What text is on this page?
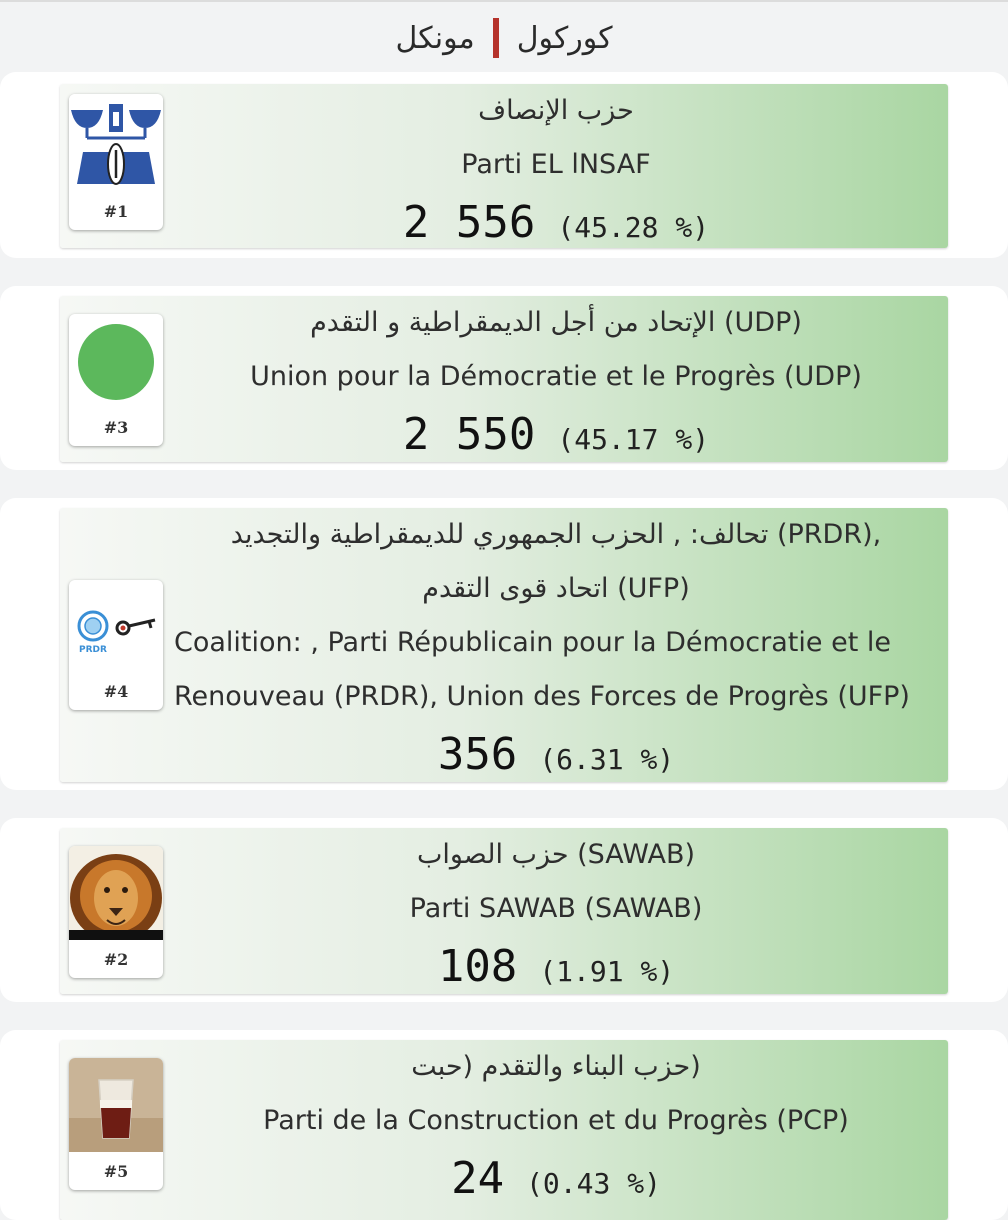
كوركول
مونكل
#1
حزب الإنصاف
Parti EL lNSAF
2 556 (45.28 %)
#3
(UDP) الإتحاد من أجل الديمقراطية و التقدم
Union pour la Démocratie et le Progrès (UDP)
2 550 (45.17 %)
PRDR
#4
,(PRDR) تحالف: , الحزب الجمهوري للديمقراطية والتجديد
(UFP) اتحاد قوى التقدم
Coalition: , Parti Républicain pour la Démocratie et le Renouveau (PRDR), Union des Forces de Progrès (UFP)
356 (6.31 %)
#2
(SAWAB) حزب الصواب
Parti SAWAB (SAWAB)
108 (1.91 %)
#5
(حزب البناء والتقدم (حبت
Parti de la Construction et du Progrès (PCP)
24 (0.43 %)
